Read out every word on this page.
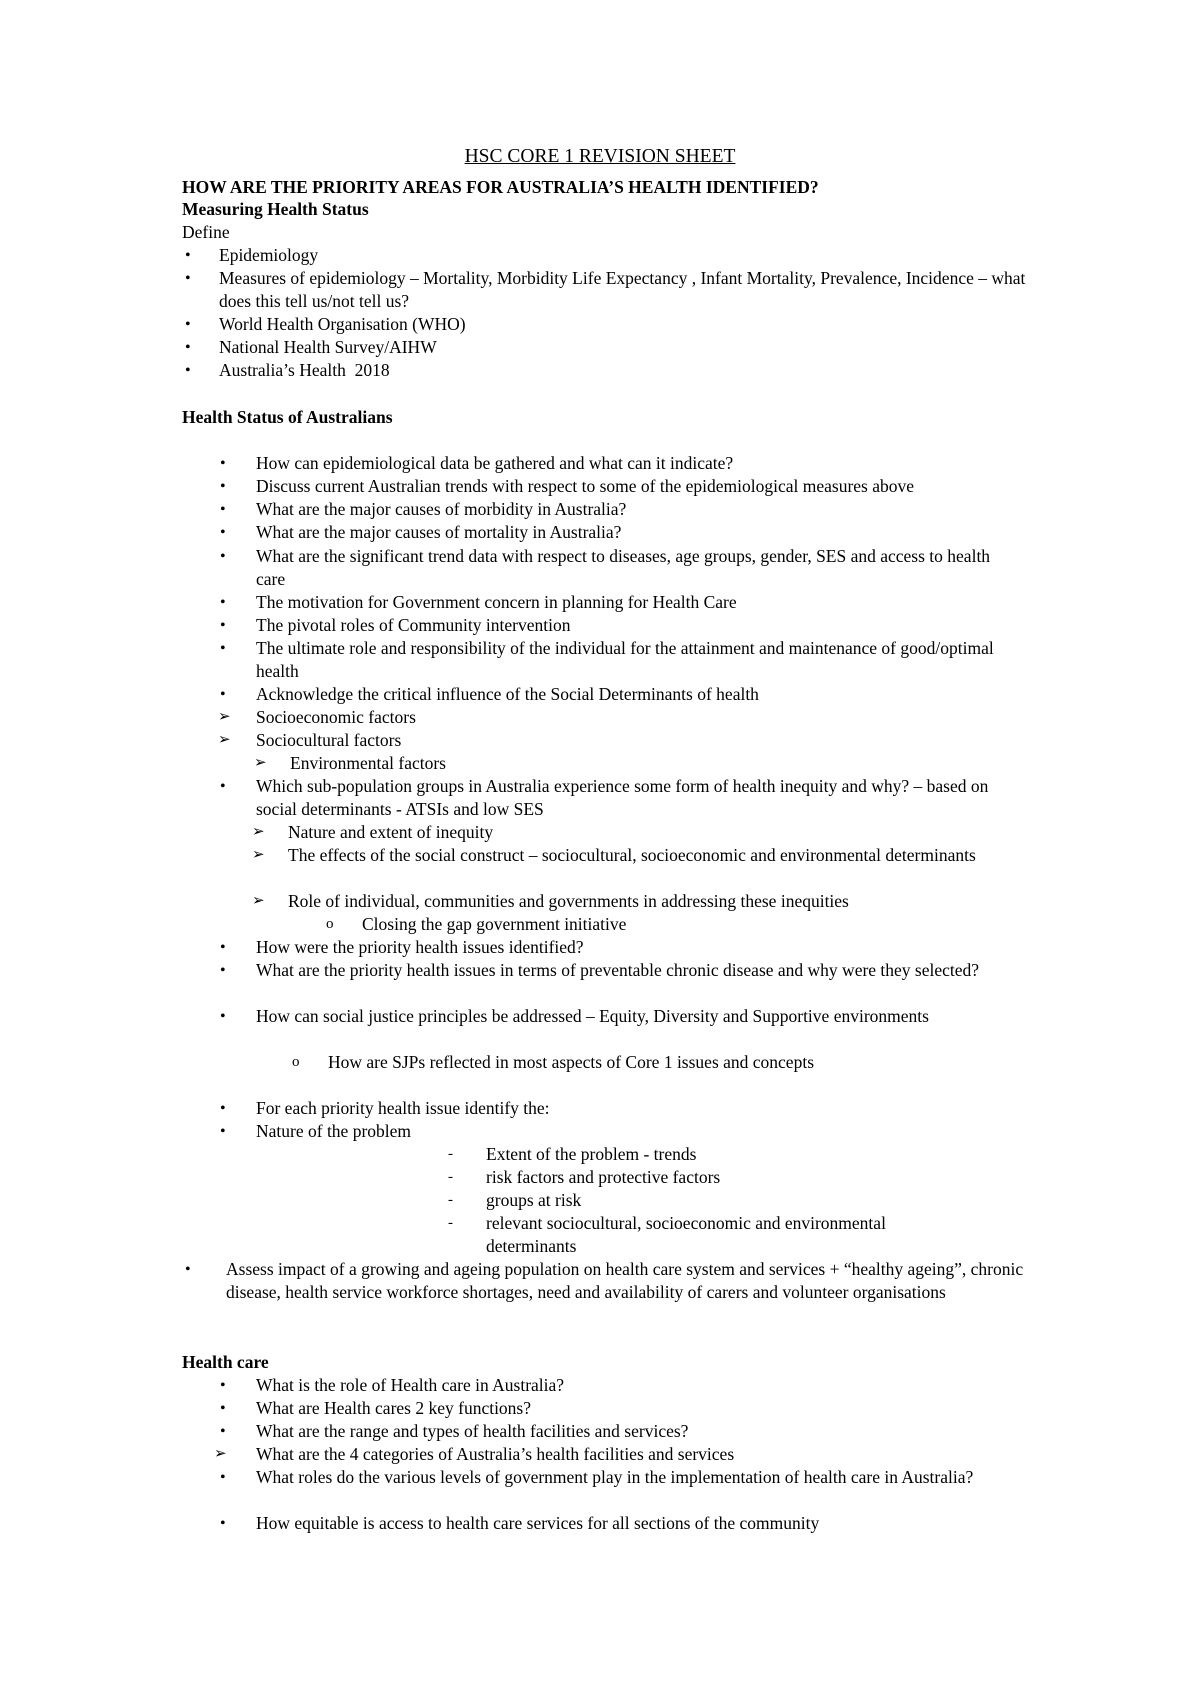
HSC CORE 1 REVISION SHEET
HOW ARE THE PRIORITY AREAS FOR AUSTRALIA’S HEALTH IDENTIFIED?
Measuring Health Status
Define
•	Epidemiology
•	Measures of epidemiology – Mortality, Morbidity Life Expectancy , Infant Mortality, Prevalence, Incidence – what does this tell us/not tell us?
•	World Health Organisation (WHO)
•	National Health Survey/AIHW
•	Australia’s Health  2018
Health Status of Australians
•	How can epidemiological data be gathered and what can it indicate?
•	Discuss current Australian trends with respect to some of the epidemiological measures above
•	What are the major causes of morbidity in Australia?
•	What are the major causes of mortality in Australia?
•	What are the significant trend data with respect to diseases, age groups, gender, SES and access to health care
•	The motivation for Government concern in planning for Health Care
•	The pivotal roles of Community intervention
•	The ultimate role and responsibility of the individual for the attainment and maintenance of good/optimal health
•	Acknowledge the critical influence of the Social Determinants of health
➢	Socioeconomic factors
➢	Sociocultural factors
➢	Environmental factors
•	Which sub-population groups in Australia experience some form of health inequity and why? – based on social determinants - ATSIs and low SES
➢	Nature and extent of inequity
➢	The effects of the social construct – sociocultural, socioeconomic and environmental determinants
➢	Role of individual, communities and governments in addressing these inequities
o	Closing the gap government initiative
•	How were the priority health issues identified?
•	What are the priority health issues in terms of preventable chronic disease and why were they selected?
•	How can social justice principles be addressed – Equity, Diversity and Supportive environments
o	How are SJPs reflected in most aspects of Core 1 issues and concepts
•	For each priority health issue identify the:
•	Nature of the problem
-	Extent of the problem - trends
-	risk factors and protective factors
-	groups at risk
-	relevant sociocultural, socioeconomic and environmental determinants
•	Assess impact of a growing and ageing population on health care system and services + “healthy ageing”, chronic disease, health service workforce shortages, need and availability of carers and volunteer organisations
Health care
•	What is the role of Health care in Australia?
•	What are Health cares 2 key functions?
•	What are the range and types of health facilities and services?
➢	What are the 4 categories of Australia’s health facilities and services
•	What roles do the various levels of government play in the implementation of health care in Australia?
•	How equitable is access to health care services for all sections of the community
